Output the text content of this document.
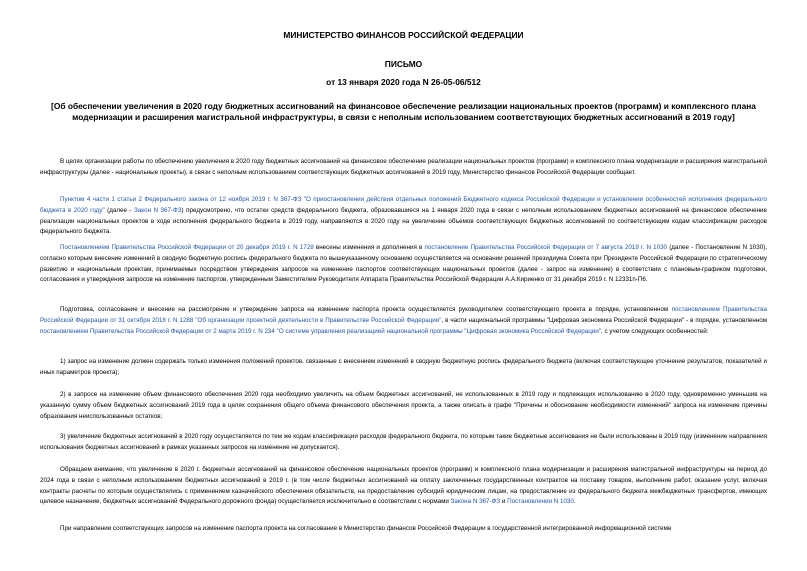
МИНИСТЕРСТВО ФИНАНСОВ РОССИЙСКОЙ ФЕДЕРАЦИИ
ПИСЬМО
от 13 января 2020 года N 26-05-06/512
[Об обеспечении увеличения в 2020 году бюджетных ассигнований на финансовое обеспечение реализации национальных проектов (программ) и комплексного плана модернизации и расширения магистральной инфраструктуры, в связи с неполным использованием соответствующих бюджетных ассигнований в 2019 году]
В целях организации работы по обеспечению увеличения в 2020 году бюджетных ассигнований на финансовое обеспечение реализации национальных проектов (программ) и комплексного плана модернизации и расширения магистральной инфраструктуры (далее - национальные проекты), в связи с неполным использованием соответствующих бюджетных ассигнований в 2019 году, Министерство финансов Российской Федерации сообщает.
Пунктом 4 части 1 статьи 2 Федерального закона от 12 ноября 2019 г. N 367-ФЗ "О приостановлении действия отдельных положений Бюджетного кодекса Российской Федерации и установлении особенностей исполнения федерального бюджета в 2020 году" (далее - Закон N 367-ФЗ) предусмотрено, что остатки средств федерального бюджета, образовавшиеся на 1 января 2020 года в связи с неполным использованием бюджетных ассигнований на финансовое обеспечение реализации национальных проектов в ходе исполнения федерального бюджета в 2019 году, направляются в 2020 году на увеличение объемов соответствующих бюджетных ассигнований по соответствующим кодам классификации расходов федерального бюджета.
Постановлением Правительства Российской Федерации от 20 декабря 2019 г. N 1728 внесены изменения и дополнения в постановление Правительства Российской Федерации от 7 августа 2019 г. N 1030 (далее - Постановление N 1030), согласно которым внесение изменений в сводную бюджетную роспись федерального бюджета по вышеуказанному основанию осуществляется на основании решений президиума Совета при Президенте Российской Федерации по стратегическому развитию и национальным проектам, принимаемых посредством утверждения запросов на изменение паспортов соответствующих национальных проектов (далее - запрос на изменение) в соответствии с плановым-графиком подготовки, согласования и утверждения запросов на изменение паспортов, утвержденным Заместителем Руководителя Аппарата Правительства Российской Федерации А.А.Кириенко от 31 декабря 2019 г. N 12331п-П6.
Подготовка, согласование и внесение на рассмотрение и утверждение запроса на изменение паспорта проекта осуществляется руководителем соответствующего проекта в порядке, установленном постановлением Правительства Российской Федерации от 31 октября 2018 г. N 1288 "Об организации проектной деятельности в Правительстве Российской Федерации", в части национальной программы "Цифровая экономика Российской Федерации" - в порядке, установленном постановлением Правительства Российской Федерации от 2 марта 2019 г. N 234 "О системе управления реализацией национальной программы "Цифровая экономика Российской Федерации", с учетом следующих особенностей:
1) запрос на изменение должен содержать только изменения положений проектов, связанные с внесением изменений в сводную бюджетную роспись федерального бюджета (включая соответствующее уточнение результатов, показателей и иных параметров проекта);
2) в запросе на изменение объем финансового обеспечения 2020 года необходимо увеличить на объем бюджетных ассигнований, не использованных в 2019 году и подлежащих использованию в 2020 году, одновременно уменьшив на указанную сумму объем бюджетных ассигнований 2019 года в целях сохранения общего объема финансового обеспечения проекта, а также описать в графе "Причины и обоснование необходимости изменений" запроса на изменение причины образования неиспользованных остатков;
3) увеличение бюджетных ассигнований в 2020 году осуществляется по тем же кодам классификации расходов федерального бюджета, по которым такие бюджетные ассигнования не были использованы в 2019 году (изменение направления использования бюджетных ассигнований в рамках указанных запросов на изменение не допускается).
Обращаем внимание, что увеличение в 2020 г. бюджетных ассигнований на финансовое обеспечение национальных проектов (программ) и комплексного плана модернизации и расширения магистральной инфраструктуры на период до 2024 года в связи с неполным использованием бюджетных ассигнований в 2019 г. (в том числе бюджетных ассигнований на оплату заключенных государственных контрактов на поставку товаров, выполнение работ, оказание услуг, включая контракты расчеты по которым осуществлялись с применением казначейского обеспечения обязательств, на предоставление субсидий юридическим лицам, на предоставление из федерального бюджета межбюджетных трансфертов, имеющих целевое назначение, бюджетных ассигнований Федерального дорожного фонда) осуществляется исключительно в соответствии с нормами Закона N 367-ФЗ и Постановления N 1030.
При направлении соответствующих запросов на изменение паспорта проекта на согласование в Министерство финансов Российской Федерации в государственной интегрированной информационной системе
